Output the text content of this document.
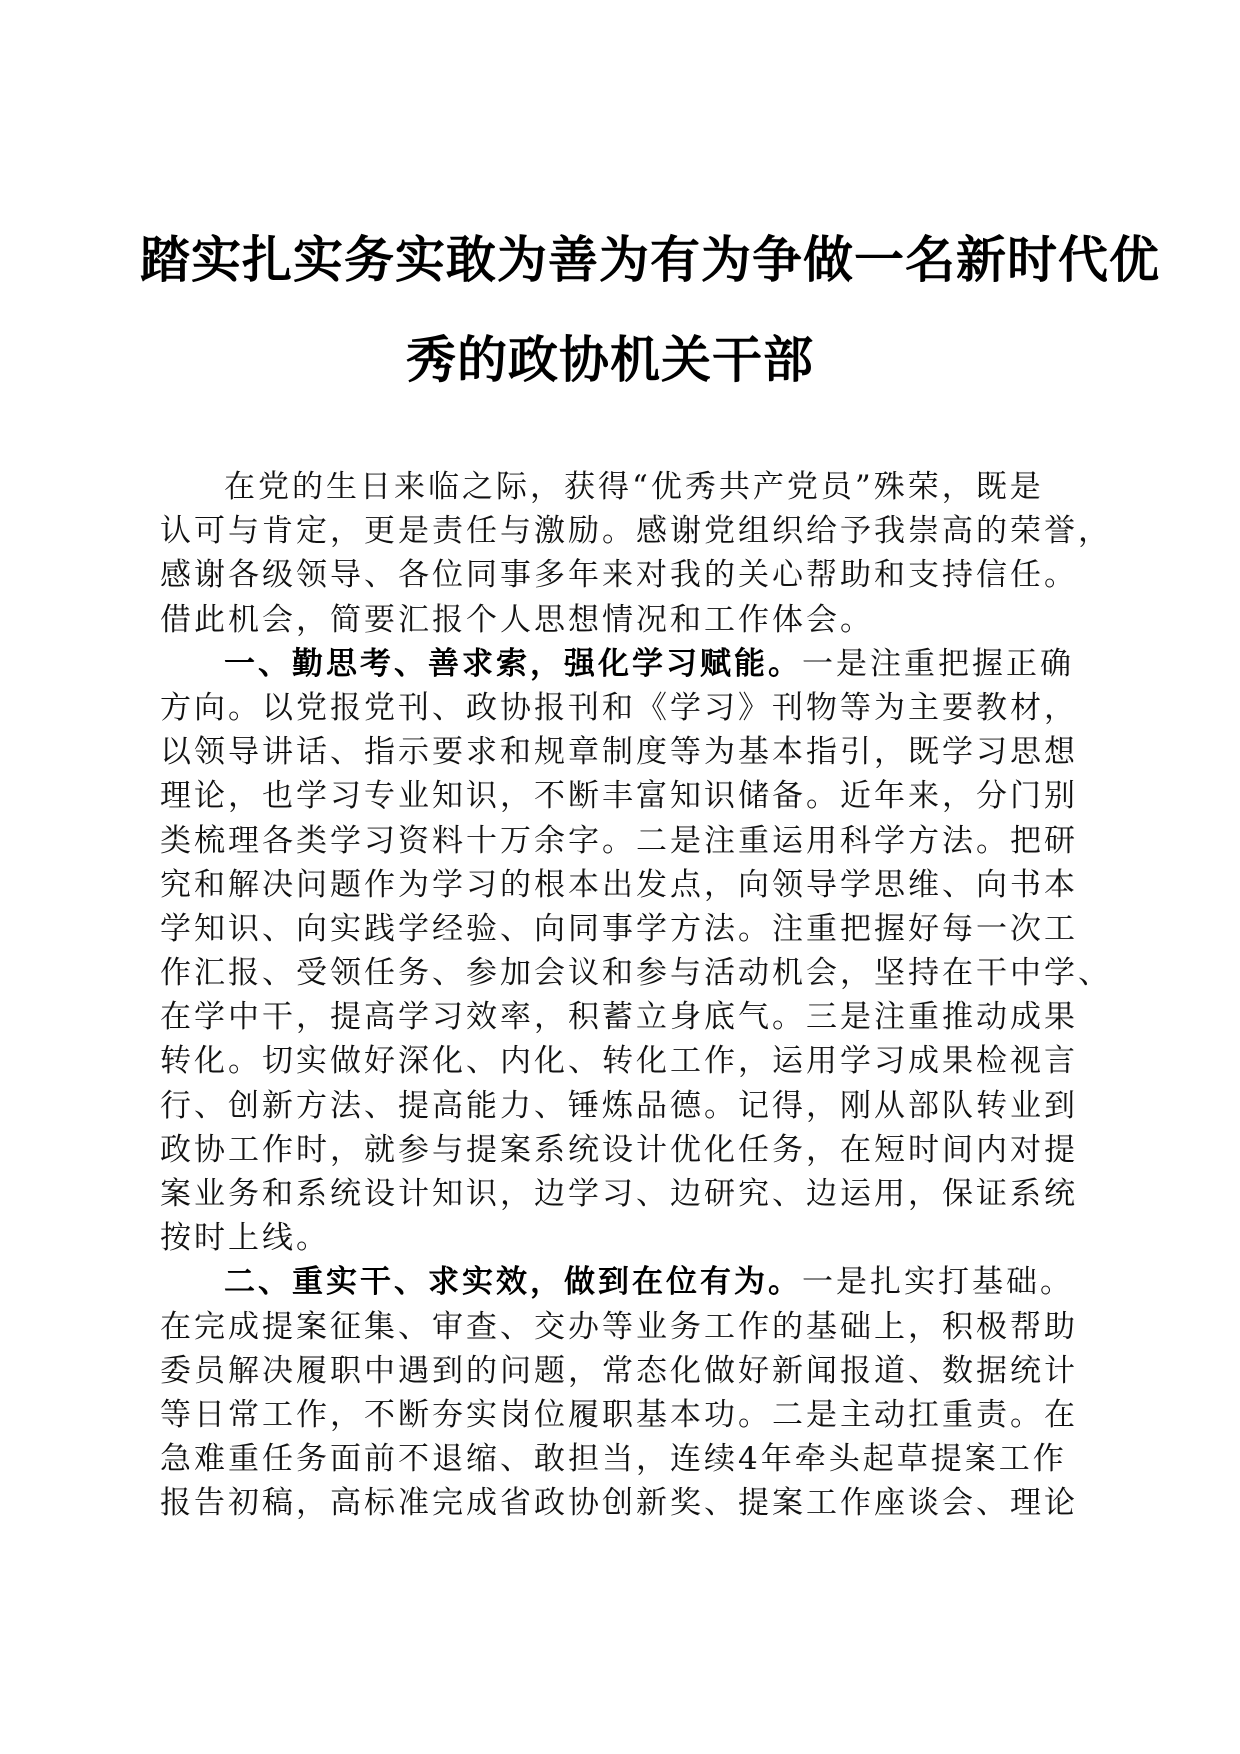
踏实扎实务实敢为善为有为争做一名新时代优
秀的政协机关干部
在党的生日来临之际，获得“优秀共产党员”殊荣，既是
认可与肯定，更是责任与激励。感谢党组织给予我崇高的荣誉，
感谢各级领导、各位同事多年来对我的关心帮助和支持信任。
借此机会，简要汇报个人思想情况和工作体会。
一、勤思考、善求索，强化学习赋能。一是注重把握正确
方向。以党报党刊、政协报刊和《学习》刊物等为主要教材，
以领导讲话、指示要求和规章制度等为基本指引，既学习思想
理论，也学习专业知识，不断丰富知识储备。近年来，分门别
类梳理各类学习资料十万余字。二是注重运用科学方法。把研
究和解决问题作为学习的根本出发点，向领导学思维、向书本
学知识、向实践学经验、向同事学方法。注重把握好每一次工
作汇报、受领任务、参加会议和参与活动机会，坚持在干中学、
在学中干，提高学习效率，积蓄立身底气。三是注重推动成果
转化。切实做好深化、内化、转化工作，运用学习成果检视言
行、创新方法、提高能力、锤炼品德。记得，刚从部队转业到
政协工作时，就参与提案系统设计优化任务，在短时间内对提
案业务和系统设计知识，边学习、边研究、边运用，保证系统
按时上线。
二、重实干、求实效，做到在位有为。一是扎实打基础。
在完成提案征集、审查、交办等业务工作的基础上，积极帮助
委员解决履职中遇到的问题，常态化做好新闻报道、数据统计
等日常工作，不断夯实岗位履职基本功。二是主动扛重责。在
急难重任务面前不退缩、敢担当，连续4年牵头起草提案工作
报告初稿，高标准完成省政协创新奖、提案工作座谈会、理论
